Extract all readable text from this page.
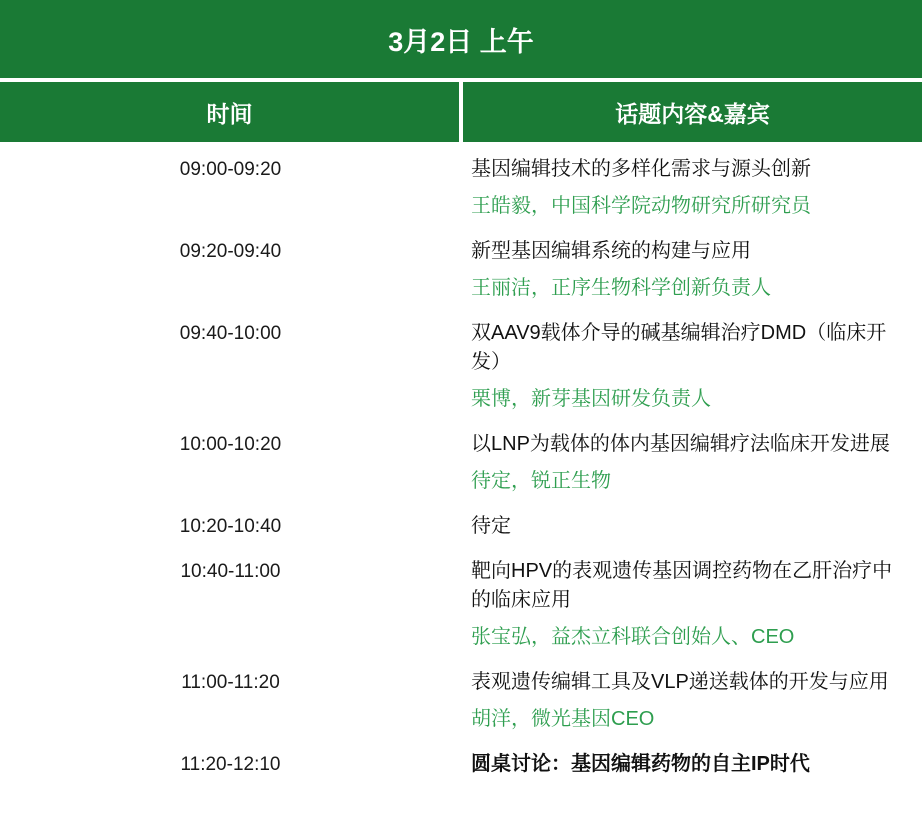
3月2日 上午	
时间	话题内容&嘉宾
09:00-09:20	基因编辑技术的多样化需求与源头创新
王皓毅，中国科学院动物研究所研究员

09:20-09:40	新型基因编辑系统的构建与应用
王丽洁，正序生物科学创新负责人

09:40-10:00	双AAV9载体介导的碱基编辑治疗DMD（临床开发）
栗博，新芽基因研发负责人

10:00-10:20	以LNP为载体的体内基因编辑疗法临床开发进展
待定，锐正生物

10:20-10:40	待定

10:40-11:00	靶向HPV的表观遗传基因调控药物在乙肝治疗中的临床应用
张宝弘，益杰立科联合创始人、CEO

11:00-11:20	表观遗传编辑工具及VLP递送载体的开发与应用
胡洋，微光基因CEO

11:20-12:10	圆桌讨论：基因编辑药物的自主IP时代
